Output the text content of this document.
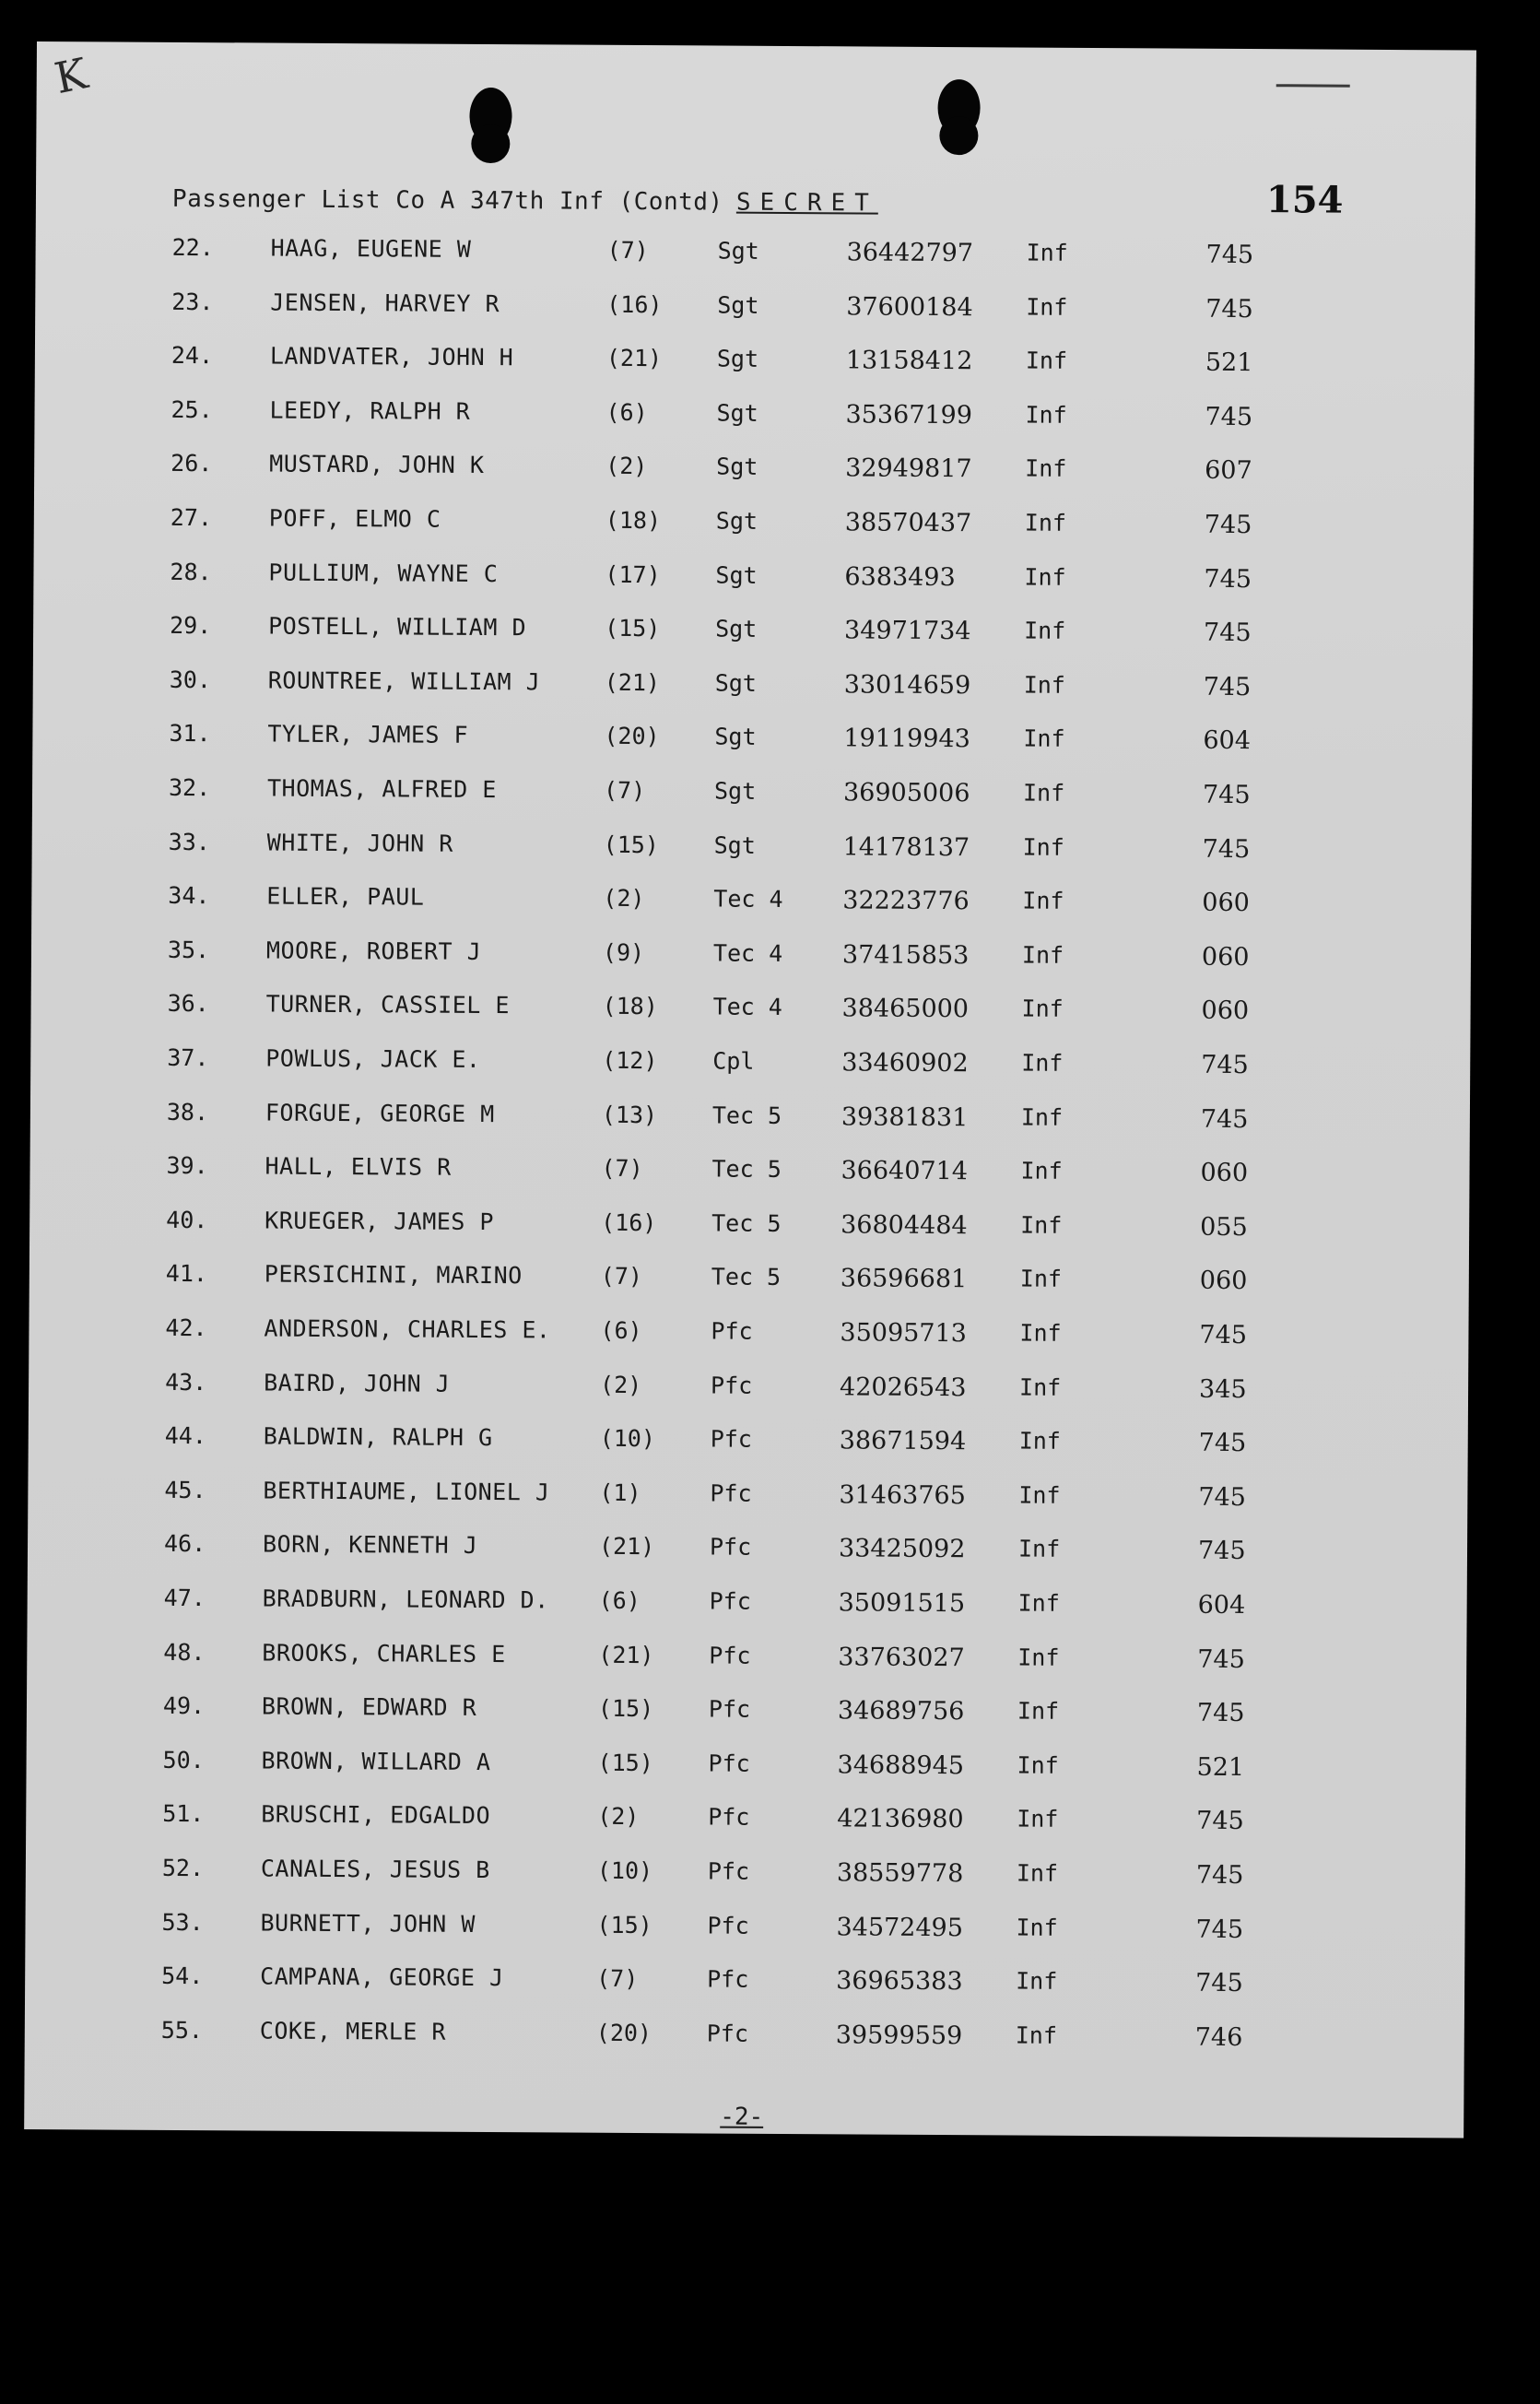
K
Passenger List Co A 347th Inf (Contd) SECRET	154
22. HAAG, EUGENE W	(7)	Sgt	36442797 Inf	745
23. JENSEN, HARVEY R	(16) Sgt	37600184 Inf	745
24. LANDVATER, JOHN H	(21) Sgt	13158412 Inf	521
25. LEEDY, RALPH R	(6)	Sgt	35367199 Inf	745
26. MUSTARD, JOHN K	(2)	Sgt	32949817 Inf	607
27. POFF, ELMO C	(18) Sgt	38570437 Inf	745
28. PULLIUM, WAYNE C	(17) Sgt	6383493	Inf	745
29. POSTELL, WILLIAM D	(15) Sgt	34971734 Inf	745
30. ROUNTREE, WILLIAM J	(21) Sgt	33014659 Inf	745
31. TYLER, JAMES F	(20) Sgt	19119943 Inf	604
32. THOMAS, ALFRED E	(7)	Sgt	36905006 Inf	745
33. WHITE, JOHN R	(15) Sgt	14178137 Inf	745
34. ELLER, PAUL	(2)	Tec 4 32223776 Inf	060
35. MOORE, ROBERT J	(9)	Tec 4 37415853 Inf	060
36. TURNER, CASSIEL E	(18) Tec 4 38465000 Inf	060
37. POWLUS, JACK E.	(12) Cpl	33460902 Inf	745
38. FORGUE, GEORGE M	(13) Tec 5 39381831 Inf	745
39. HALL, ELVIS R	(7)	Tec 5 36640714 Inf	060
40. KRUEGER, JAMES P	(16) Tec 5 36804484 Inf	055
41. PERSICHINI, MARINO	(7)	Tec 5 36596681 Inf	060
42. ANDERSON, CHARLES E. (6)	Pfc	35095713 Inf	745
43. BAIRD, JOHN J	(2)	Pfc	42026543 Inf	345
44. BALDWIN, RALPH G	(10) Pfc	38671594 Inf	745
45. BERTHIAUME, LIONEL J (1)	Pfc	31463765 Inf	745
46. BORN, KENNETH J	(21) Pfc	33425092 Inf	745
47. BRADBURN, LEONARD D. (6)	Pfc	35091515 Inf	604
48. BROOKS, CHARLES E	(21) Pfc	33763027 Inf	745
49. BROWN, EDWARD R	(15) Pfc	34689756 Inf	745
50. BROWN, WILLARD A	(15) Pfc	34688945 Inf	521
51. BRUSCHI, EDGALDO	(2)	Pfc	42136980 Inf	745
52. CANALES, JESUS B	(10) Pfc	38559778 Inf	745
53. BURNETT, JOHN W	(15) Pfc	34572495 Inf	745
54. CAMPANA, GEORGE J	(7)	Pfc	36965383 Inf	745
55. COKE, MERLE R	(20) Pfc	39599559 Inf	746
-2-
